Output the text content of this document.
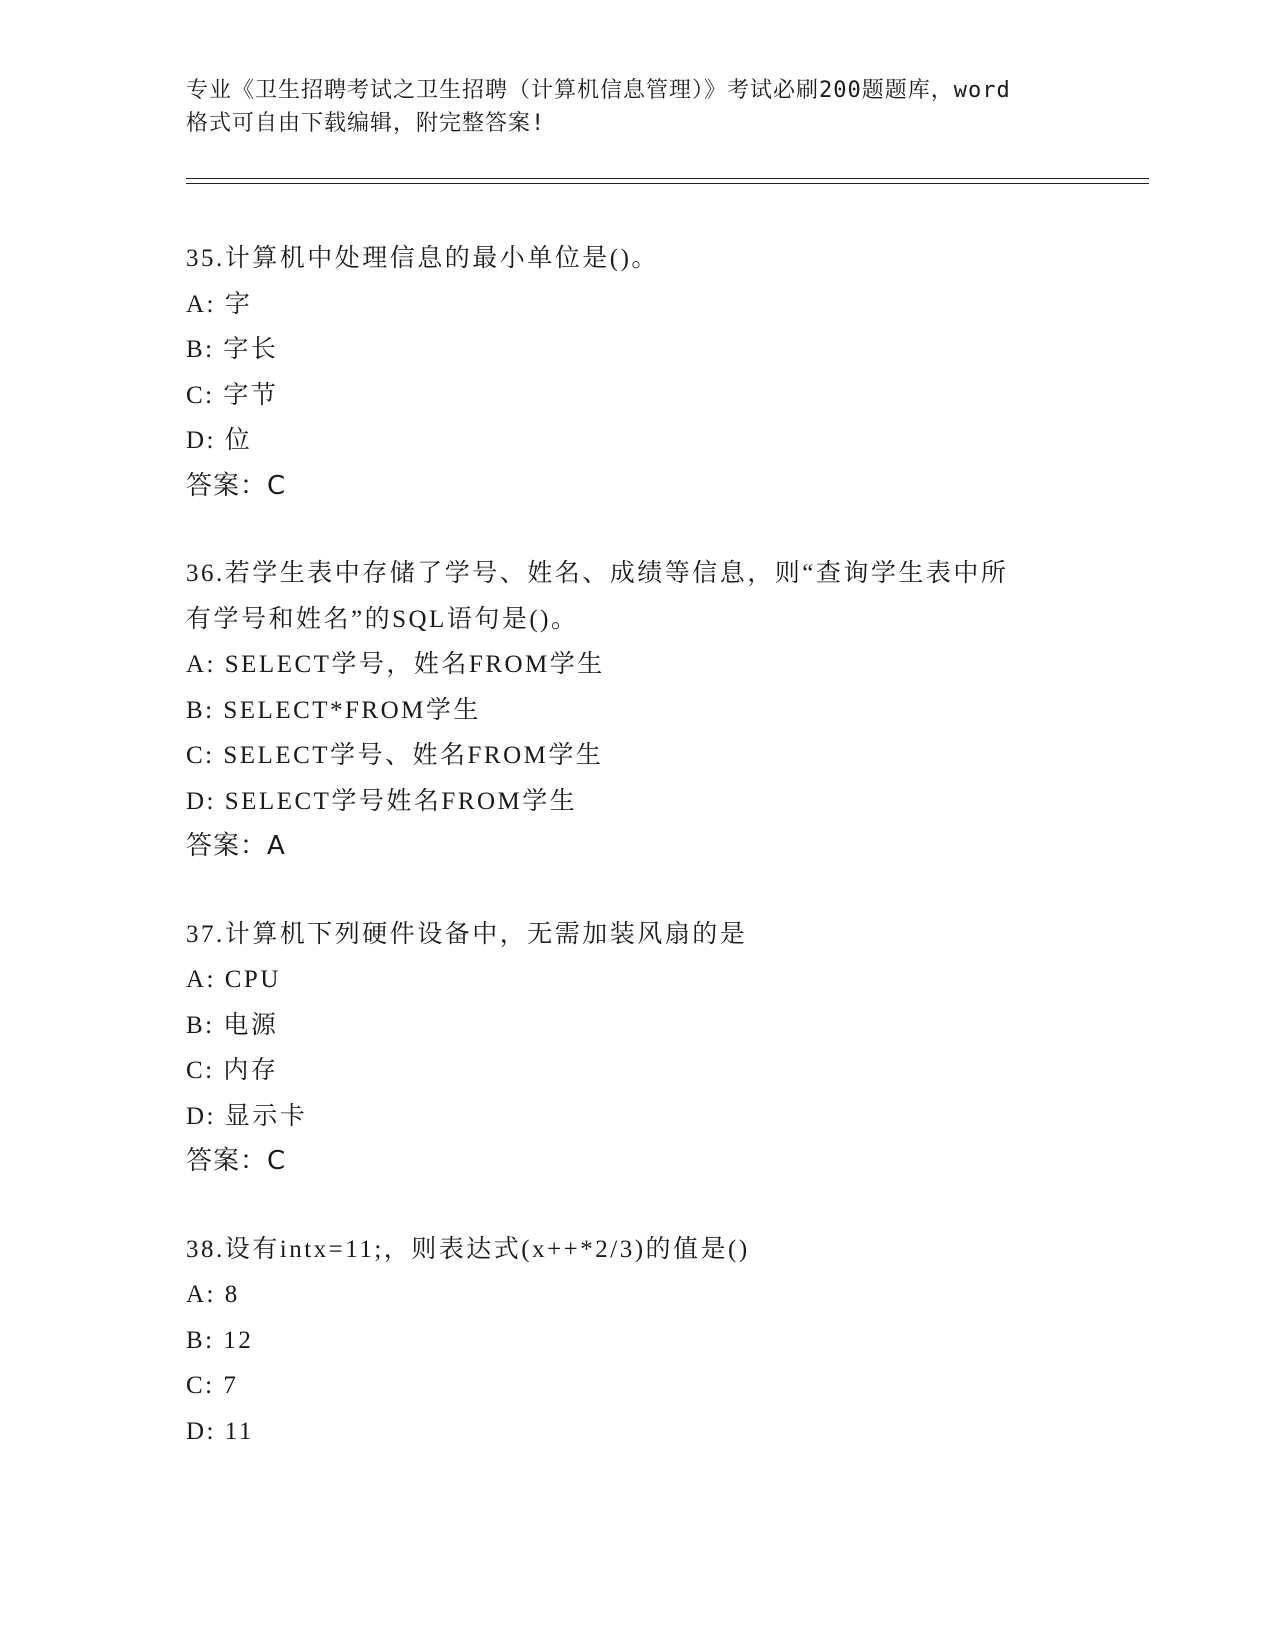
专业《卫生招聘考试之卫生招聘（计算机信息管理）》考试必刷200题题库，word
格式可自由下载编辑，附完整答案!
35.计算机中处理信息的最小单位是()。
A: 字
B: 字长
C: 字节
D: 位
答案：C
36.若学生表中存储了学号、姓名、成绩等信息，则“查询学生表中所
有学号和姓名”的SQL语句是()。
A: SELECT学号，姓名FROM学生
B: SELECT*FROM学生
C: SELECT学号、姓名FROM学生
D: SELECT学号姓名FROM学生
答案：A
37.计算机下列硬件设备中，无需加装风扇的是
A: CPU
B: 电源
C: 内存
D: 显示卡
答案：C
38.设有intx=11;，则表达式(x++*2/3)的值是()
A: 8
B: 12
C: 7
D: 11
